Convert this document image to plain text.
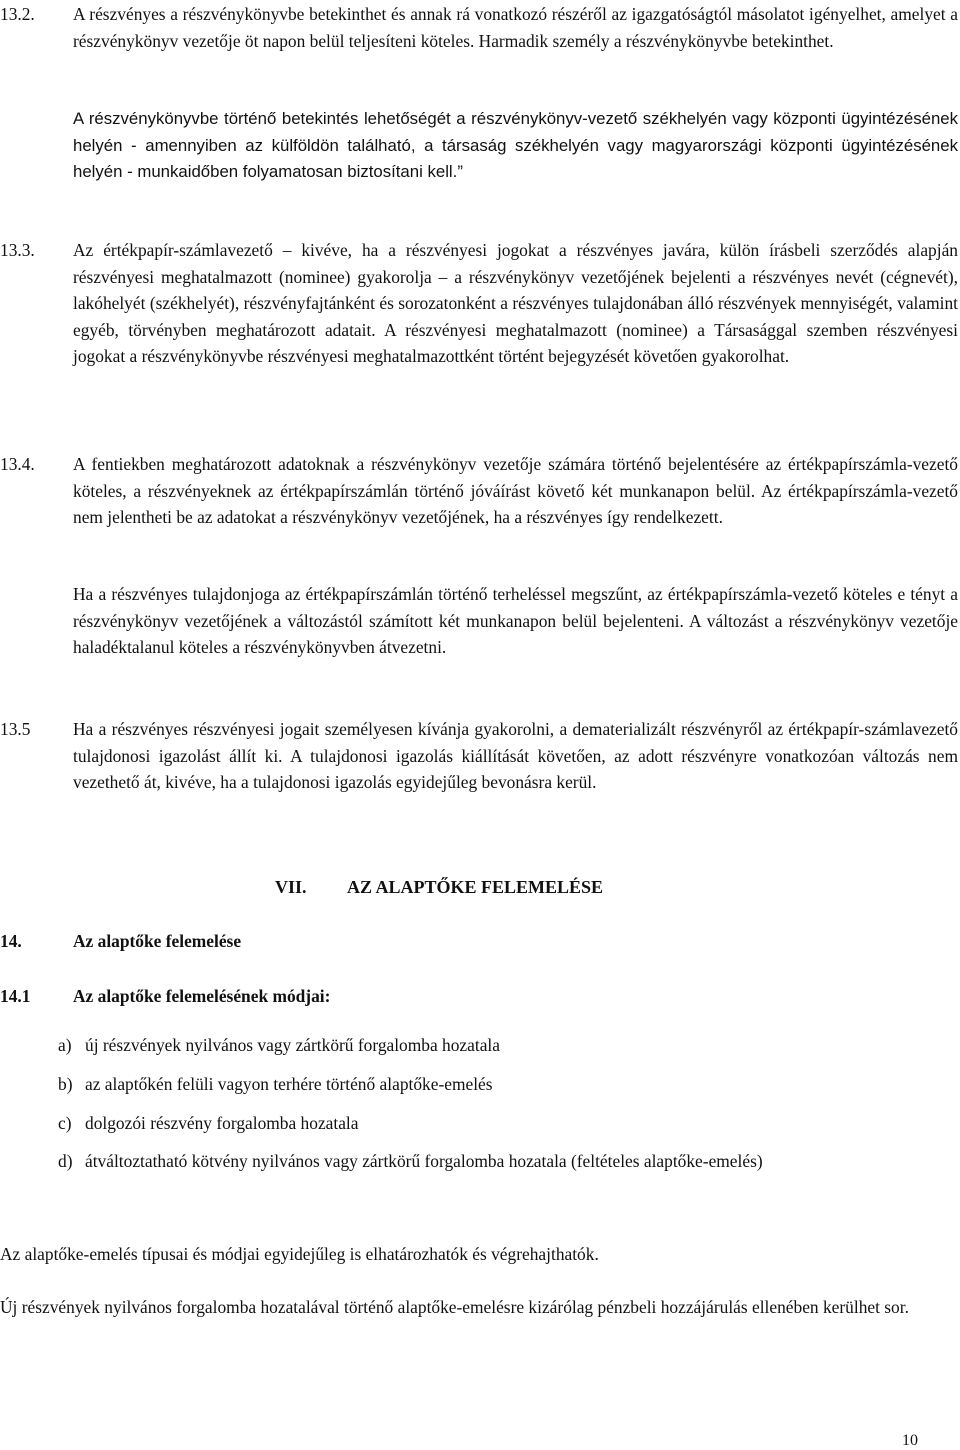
13.2. A részvényes a részvénykönyvbe betekinthet és annak rá vonatkozó részéről az igazgatóságtól másolatot igényelhet, amelyet a részvénykönyv vezetője öt napon belül teljesíteni köteles. Harmadik személy a részvénykönyvbe betekinthet.
A részvénykönyvbe történő betekintés lehetőségét a részvénykönyv-vezető székhelyén vagy központi ügyintézésének helyén - amennyiben az külföldön található, a társaság székhelyén vagy magyarországi központi ügyintézésének helyén - munkaidőben folyamatosan biztosítani kell.”
13.3. Az értékpapír-számlavezető – kivéve, ha a részvényesi jogokat a részvényes javára, külön írásbeli szerződés alapján részvényesi meghatalmazott (nominee) gyakorolja – a részvénykönyv vezetőjének bejelenti a részvényes nevét (cégnevét), lakóhelyét (székhelyét), részvényfajtánként és sorozatonként a részvényes tulajdonában álló részvények mennyiségét, valamint egyéb, törvényben meghatározott adatait. A részvényesi meghatalmazott (nominee) a Társasággal szemben részvényesi jogokat a részvénykönyvbe részvényesi meghatalmazottként történt bejegyzését követően gyakorolhat.
13.4. A fentiekben meghatározott adatoknak a részvénykönyv vezetője számára történő bejelentésére az értékpapírszámla-vezető köteles, a részvényeknek az értékpapírszámlán történő jóváírást követő két munkanapon belül. Az értékpapírszámla-vezető nem jelentheti be az adatokat a részvénykönyv vezetőjének, ha a részvényes így rendelkezett.
Ha a részvényes tulajdonjoga az értékpapírszámlán történő terheléssel megszűnt, az értékpapírszámla-vezető köteles e tényt a részvénykönyv vezetőjének a változástól számított két munkanapon belül bejelenteni. A változást a részvénykönyv vezetője haladéktalanul köteles a részvénykönyvben átvezetni.
13.5 Ha a részvényes részvényesi jogait személyesen kívánja gyakorolni, a dematerializált részvényről az értékpapír-számlavezető tulajdonosi igazolást állít ki. A tulajdonosi igazolás kiállítását követően, az adott részvényre vonatkozóan változás nem vezethető át, kivéve, ha a tulajdonosi igazolás egyidejűleg bevonásra kerül.
VII. AZ ALAPTŐKE FELEMELÉSE
14.	Az alaptőke felemelése
14.1 Az alaptőke felemelésének módjai:
a) új részvények nyilvános vagy zártkörű forgalomba hozatala
b) az alaptőkén felüli vagyon terhére történő alaptőke-emelés
c) dolgozói részvény forgalomba hozatala
d) átváltoztatható kötvény nyilvános vagy zártkörű forgalomba hozatala (feltételes alaptőke-emelés)
Az alaptőke-emelés típusai és módjai egyidejűleg is elhatározhatók és végrehajthatók.
Új részvények nyilvános forgalomba hozatalával történő alaptőke-emelésre kizárólag pénzbeli hozzájárulás ellenében kerülhet sor.
10
